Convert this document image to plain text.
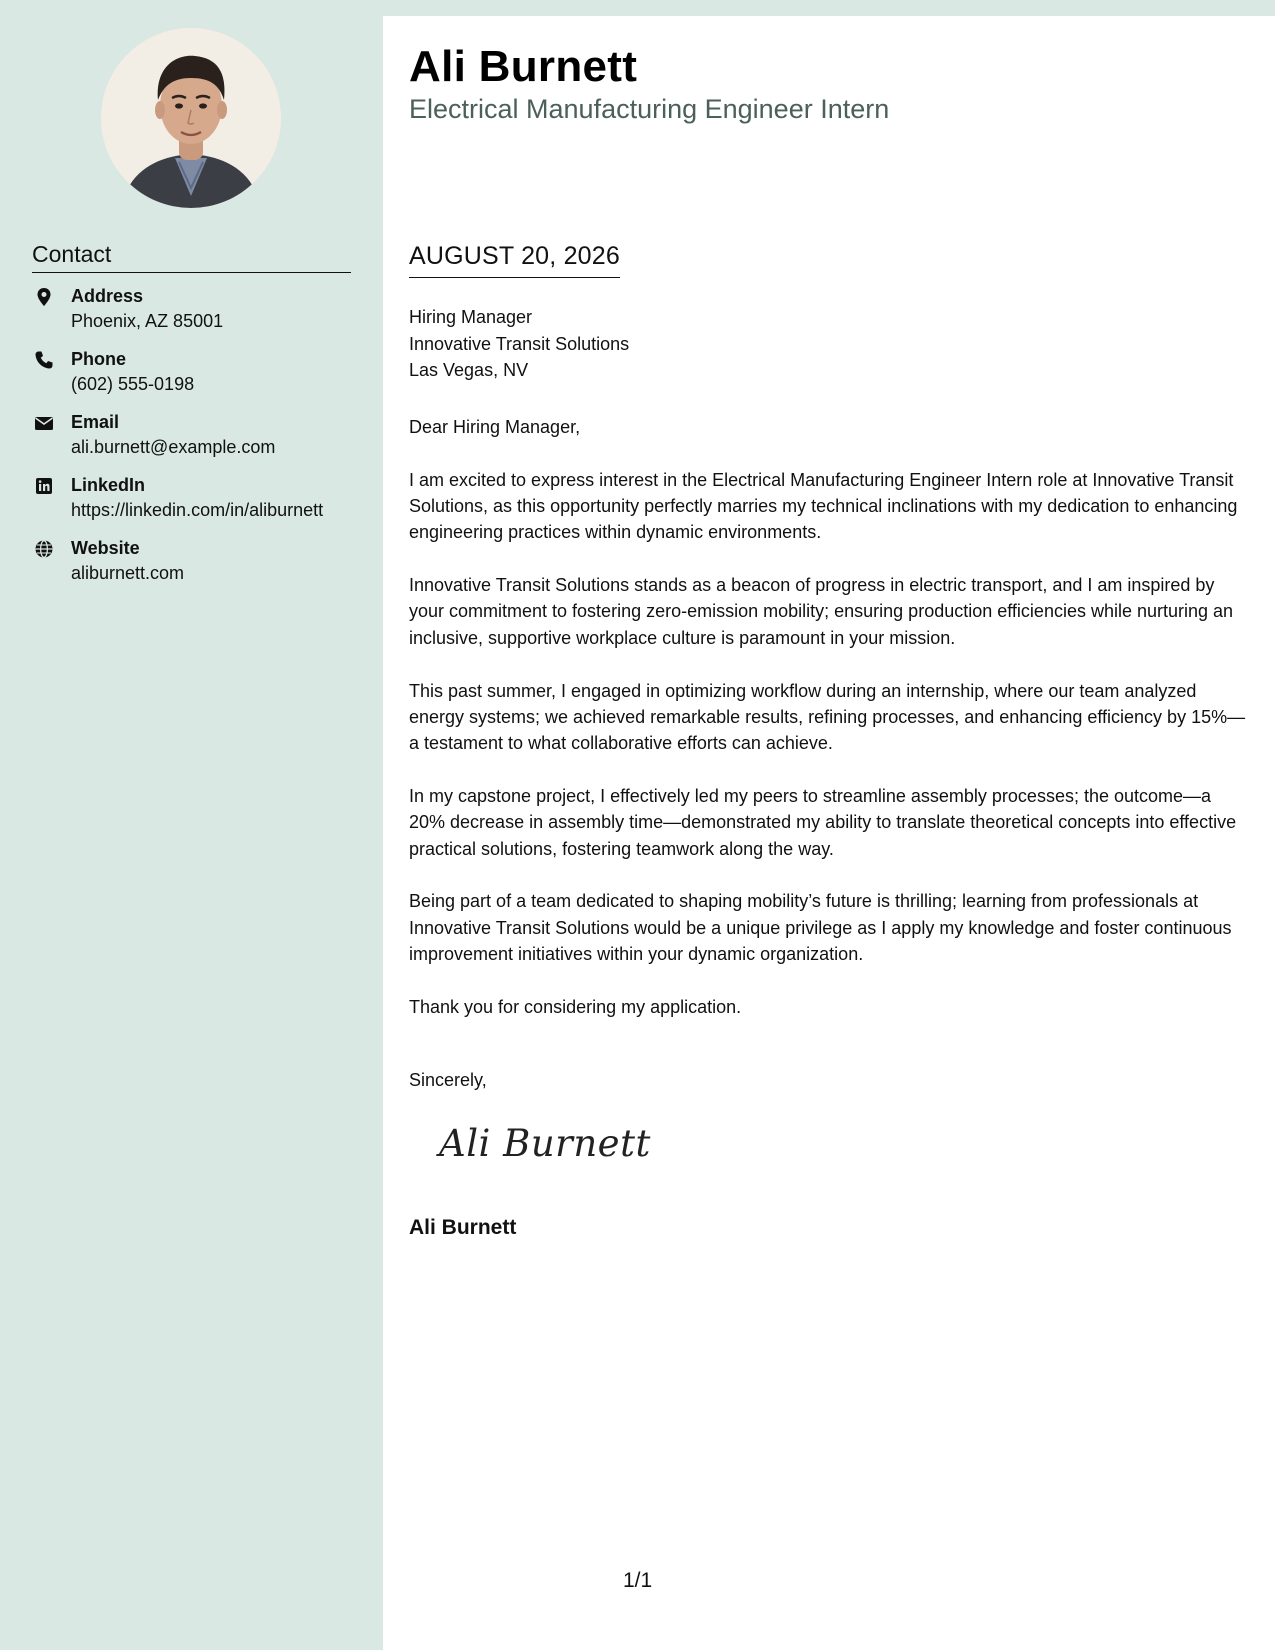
Contact
Address
Phoenix, AZ 85001
Phone
(602) 555-0198
Email
ali.burnett@example.com
LinkedIn
https://linkedin.com/in/aliburnett
Website
aliburnett.com
Ali Burnett
Electrical Manufacturing Engineer Intern
AUGUST 20, 2026
Hiring Manager
Innovative Transit Solutions
Las Vegas, NV

Dear Hiring Manager,

I am excited to express interest in the Electrical Manufacturing Engineer Intern role at Innovative Transit Solutions, as this opportunity perfectly marries my technical inclinations with my dedication to enhancing engineering practices within dynamic environments.

Innovative Transit Solutions stands as a beacon of progress in electric transport, and I am inspired by your commitment to fostering zero-emission mobility; ensuring production efficiencies while nurturing an inclusive, supportive workplace culture is paramount in your mission.

This past summer, I engaged in optimizing workflow during an internship, where our team analyzed energy systems; we achieved remarkable results, refining processes, and enhancing efficiency by 15%—a testament to what collaborative efforts can achieve.

In my capstone project, I effectively led my peers to streamline assembly processes; the outcome—a 20% decrease in assembly time—demonstrated my ability to translate theoretical concepts into effective practical solutions, fostering teamwork along the way.

Being part of a team dedicated to shaping mobility’s future is thrilling; learning from professionals at Innovative Transit Solutions would be a unique privilege as I apply my knowledge and foster continuous improvement initiatives within your dynamic organization.

Thank you for considering my application.

Sincerely,
Ali Burnett
Ali Burnett
1/1
